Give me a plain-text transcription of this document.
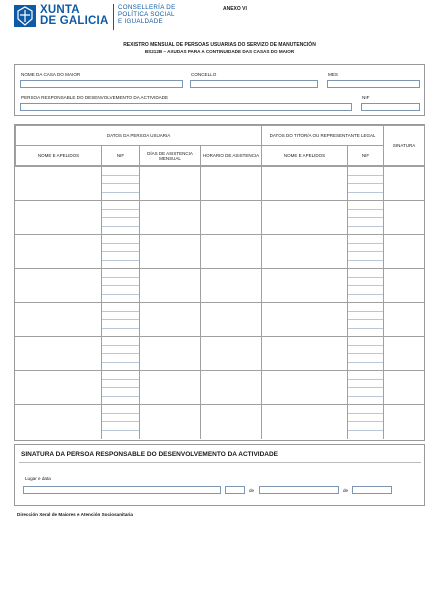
XUNTA
DE GALICIA
CONSELLERÍA DE
POLÍTICA SOCIAL
E IGUALDADE
ANEXO VI
REXISTRO MENSUAL DE PERSOAS USUARIAS DO SERVIZO DE MANUTENCIÓN
BS212B – AXUDAS PARA A CONTINUIDADE DAS CASAS DO MAIOR
NOME DA CASA DO MAIOR	CONCELLO	MES
PERSOA RESPONSABLE DO DESENVOLVEMENTO DA ACTIVIDADE	NIF
DATOS DA PERSOA USUARIA				DATOS DO TITOR/A OU REPRESENTANTE LEGAL		SINATURA
NOME E APELIDOS	NIF	DÍAS DE ASISTENCIA MENSUAL	HORARIO DE ASISTENCIA	NOME E APELIDOS	NIF	
SINATURA DA PERSOA RESPONSABLE DO DESENVOLVEMENTO DA ACTIVIDADE
Lugar e data
de	de
Dirección Xeral de Maiores e Atención Sociosanitaria
